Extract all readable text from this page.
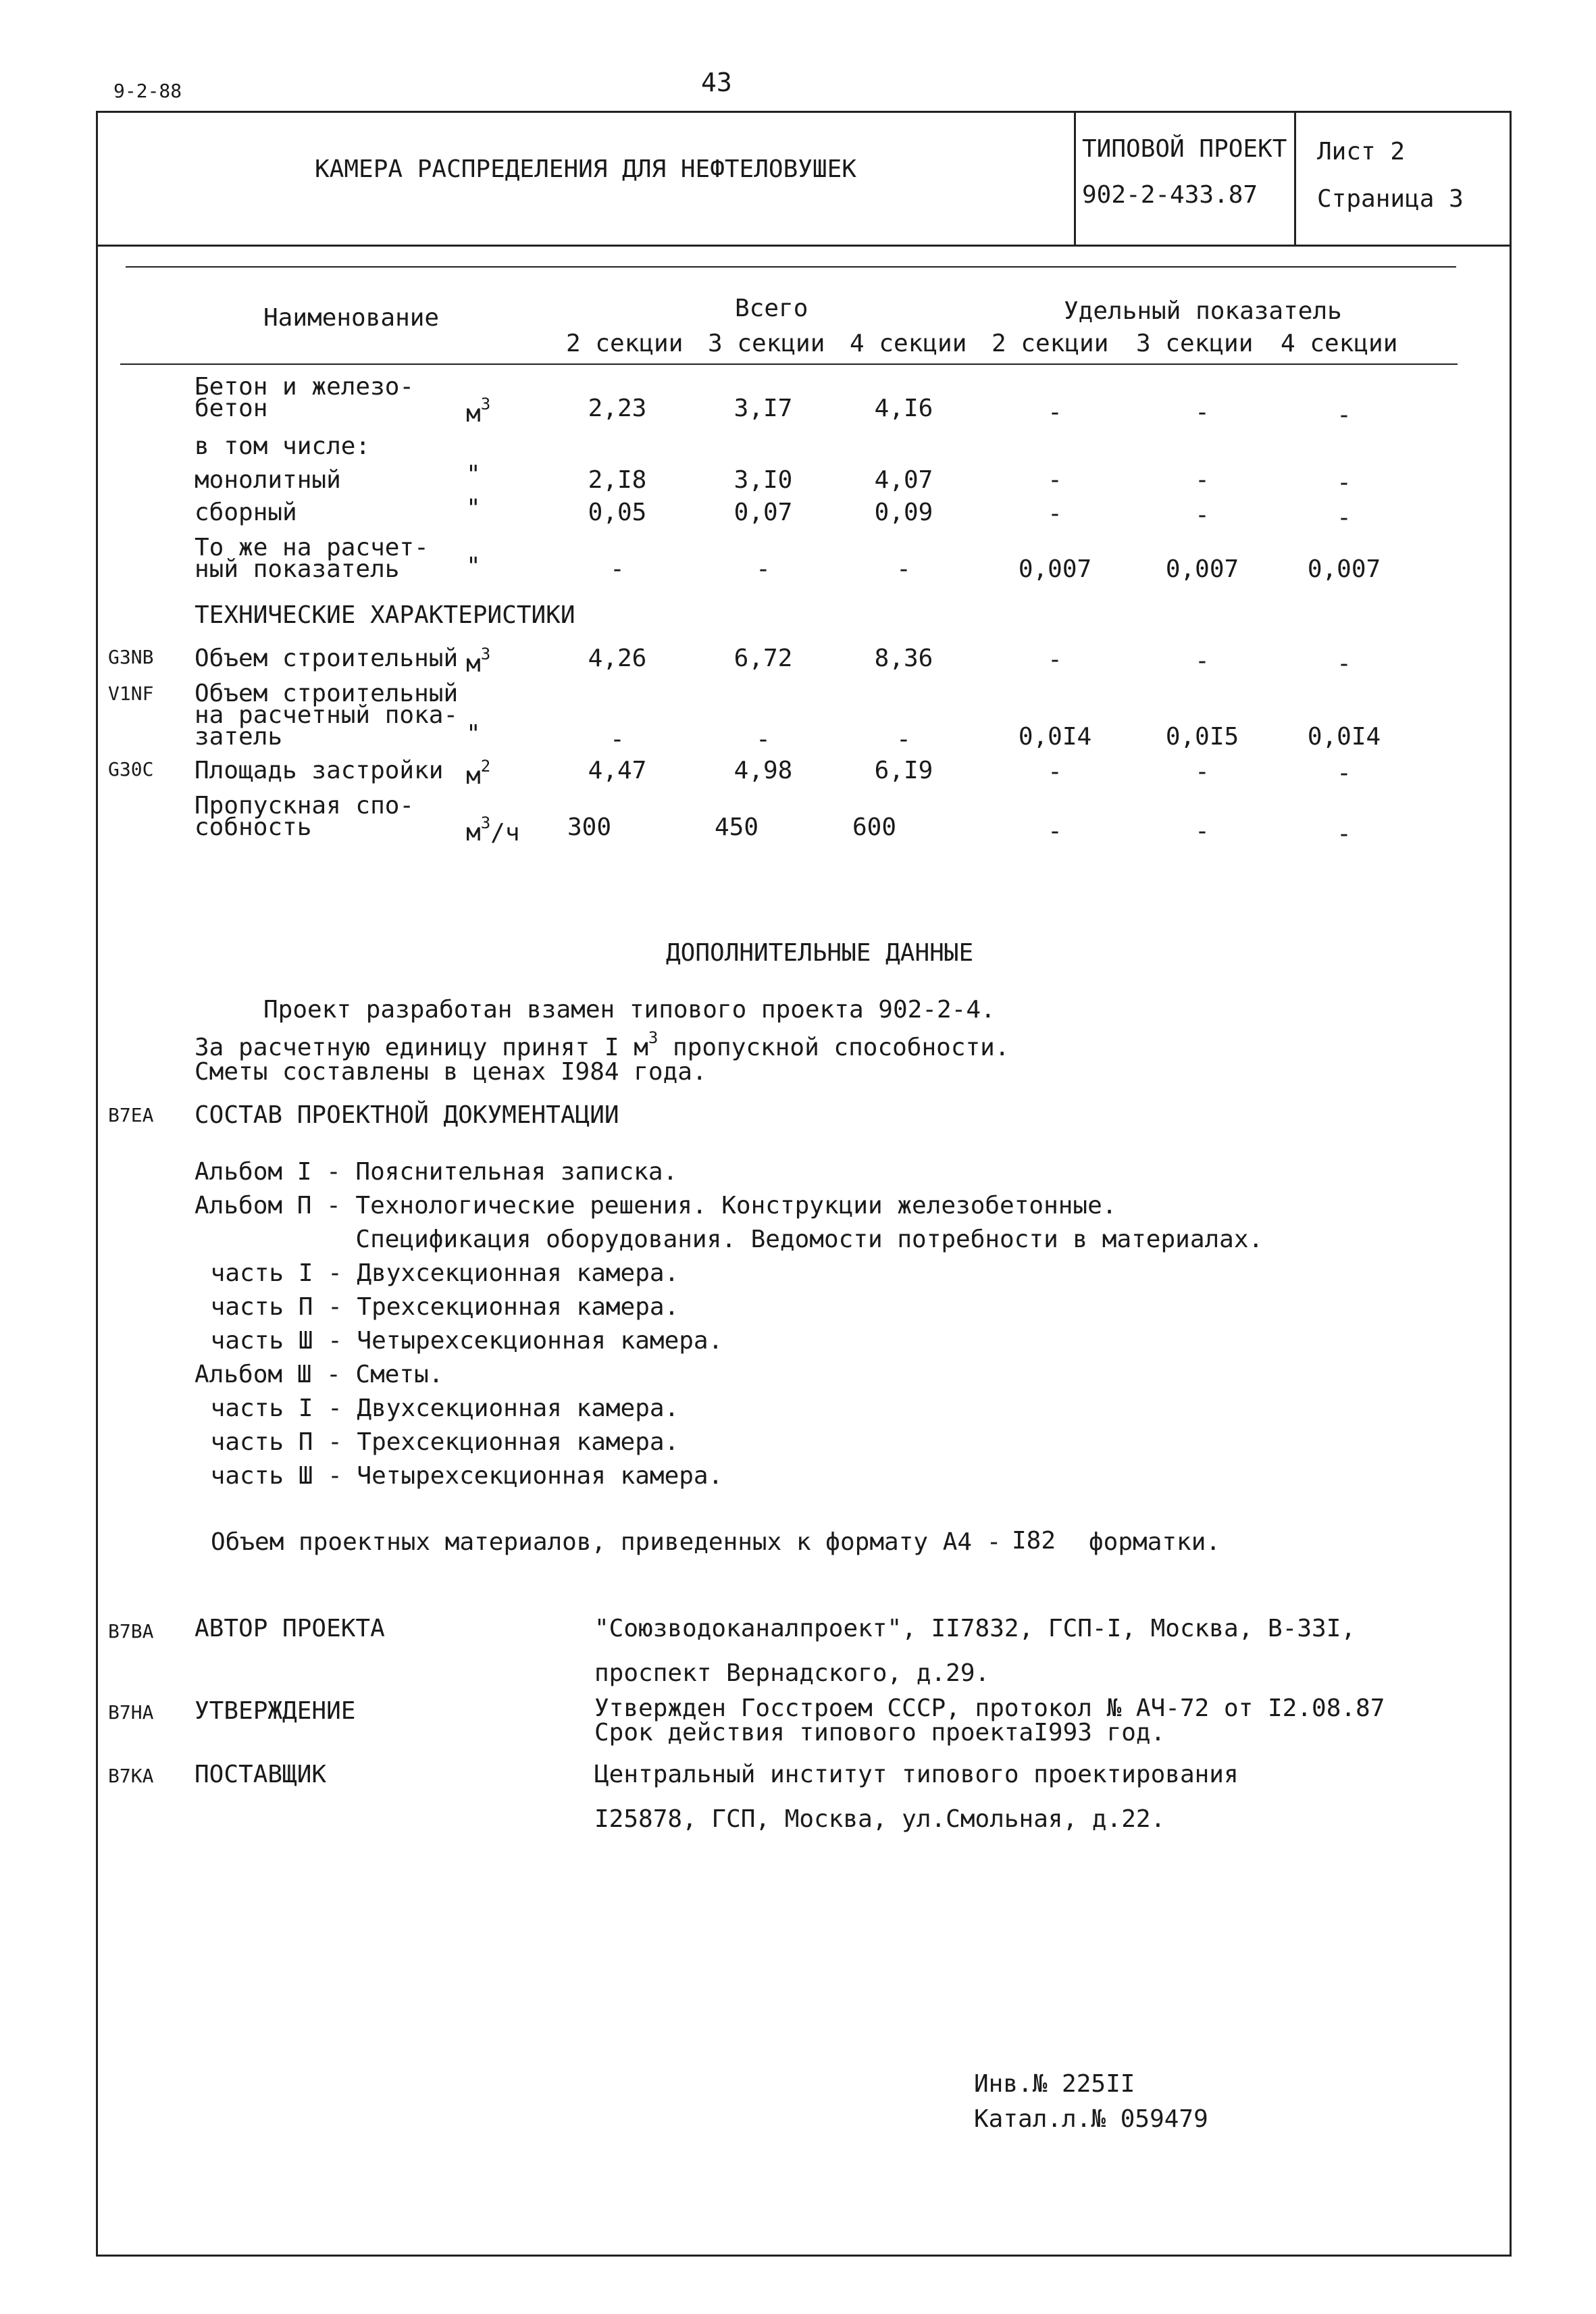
9-2-88	43
КАМЕРА РАСПРЕДЕЛЕНИЯ ДЛЯ НЕФТЕЛОВУШЕК
ТИПОВОЙ ПРОЕКТ
902-2-433.87
Лист 2
Страница 3
Наименование	Всего	Удельный показатель
2 секции 3 секции 4 секции 2 секции 3 секции 4 секции
Бетон и железо-
бетон	$м^3$	2,23	3,I7	4,I6	-	-	-
в том числе:
монолитный	"	2,I8	3,I0	4,07	-	-	-
сборный	"	0,05	0,07	0,09	-	-	-
То же на расчет-
ный показатель	"	-	-	-	0,007	0,007	0,007
ТЕХНИЧЕСКИЕ ХАРАКТЕРИСТИКИ
G3NB Объем строительный $м^3$	4,26	6,72	8,36	-	-	-
V1NF Объем строительный
на расчетный пока-
затель	"	-	-	-	0,0I4	0,0I5	0,0I4
G30C Площадь застройки $м^2$	4,47	4,98	6,I9	-	-	-
Пропускная спо-
собность	$м^3/ч$ 300	450	600	-	-	-
ДОПОЛНИТЕЛЬНЫЕ ДАННЫЕ
Проект разработан взамен типового проекта 902-2-4.
За расчетную единицу принят I $м^3$ пропускной способности.
Сметы составлены в ценах I984 года.
B7EA СОСТАВ ПРОЕКТНОЙ ДОКУМЕНТАЦИИ
Альбом I - Пояснительная записка.
Альбом П - Технологические решения. Конструкции железобетонные.
Спецификация оборудования. Ведомости потребности в материалах.
часть I - Двухсекционная камера.
часть П - Трехсекционная камера.
часть Ш - Четырехсекционная камера.
Альбом Ш - Сметы.
часть I - Двухсекционная камера.
часть П - Трехсекционная камера.
часть Ш - Четырехсекционная камера.
Объем проектных материалов, приведенных к формату А4 - I82 форматки.
B7BA АВТОР ПРОЕКТА	"Союзводоканалпроект", II7832, ГСП-I, Москва, B-33I,
проспект Вернадского, д.29.
B7HA УТВЕРЖДЕНИЕ	Утвержден Госстроем СССР, протокол № АЧ-72 от I2.08.87
Срок действия типового проектаI993 год.
B7KA ПОСТАВЩИК	Центральный институт типового проектирования
I25878, ГСП, Москва, ул.Смольная, д.22.
Инв.№ 225II
Катал.л.№ 059479
